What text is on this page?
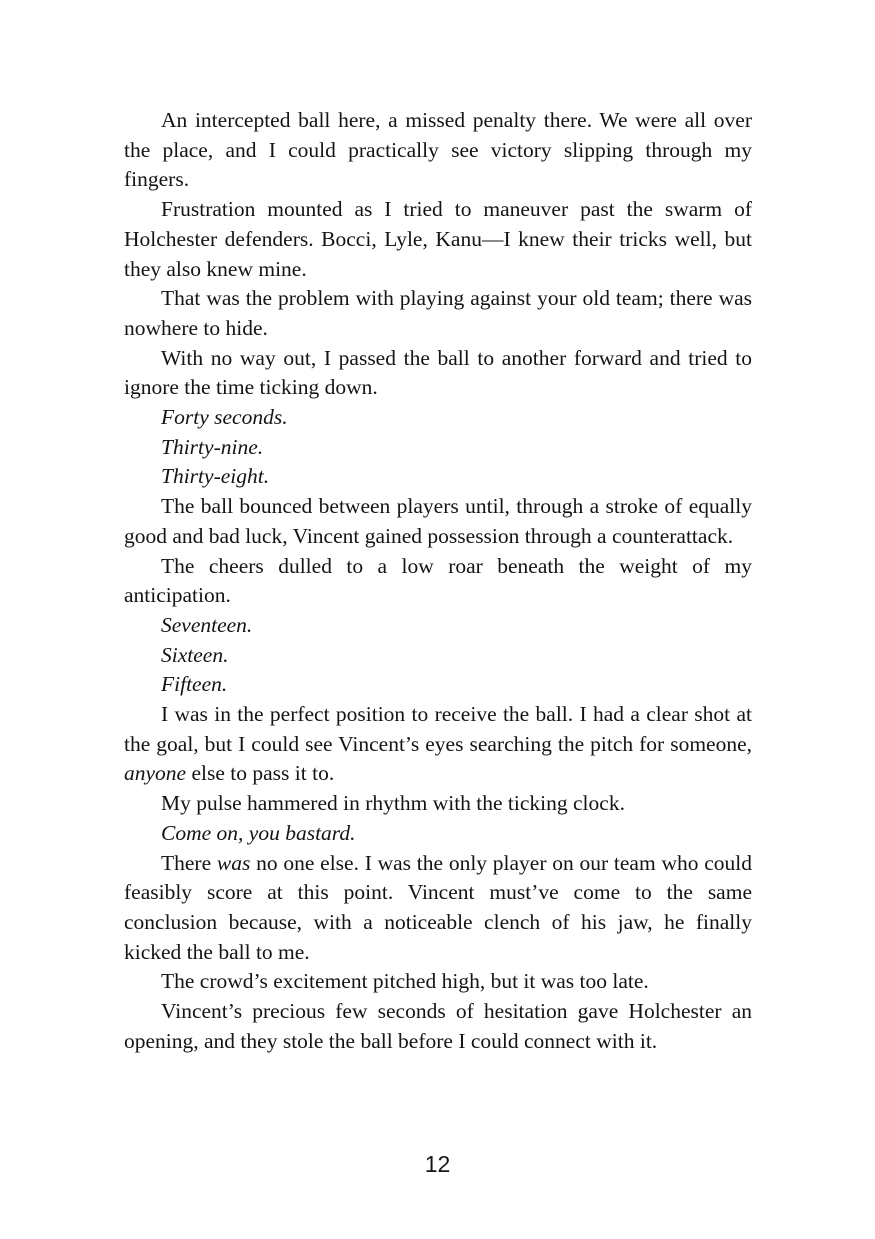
An intercepted ball here, a missed penalty there. We were all over the place, and I could practically see victory slipping through my fingers.

Frustration mounted as I tried to maneuver past the swarm of Holchester defenders. Bocci, Lyle, Kanu—I knew their tricks well, but they also knew mine.

That was the problem with playing against your old team; there was nowhere to hide.

With no way out, I passed the ball to another forward and tried to ignore the time ticking down.

Forty seconds.

Thirty-nine.

Thirty-eight.

The ball bounced between players until, through a stroke of equally good and bad luck, Vincent gained possession through a counterattack.

The cheers dulled to a low roar beneath the weight of my anticipation.

Seventeen.

Sixteen.

Fifteen.

I was in the perfect position to receive the ball. I had a clear shot at the goal, but I could see Vincent’s eyes searching the pitch for someone, anyone else to pass it to.

My pulse hammered in rhythm with the ticking clock.

Come on, you bastard.

There was no one else. I was the only player on our team who could feasibly score at this point. Vincent must’ve come to the same conclusion because, with a noticeable clench of his jaw, he finally kicked the ball to me.

The crowd’s excitement pitched high, but it was too late.

Vincent’s precious few seconds of hesitation gave Holchester an opening, and they stole the ball before I could connect with it.

12
